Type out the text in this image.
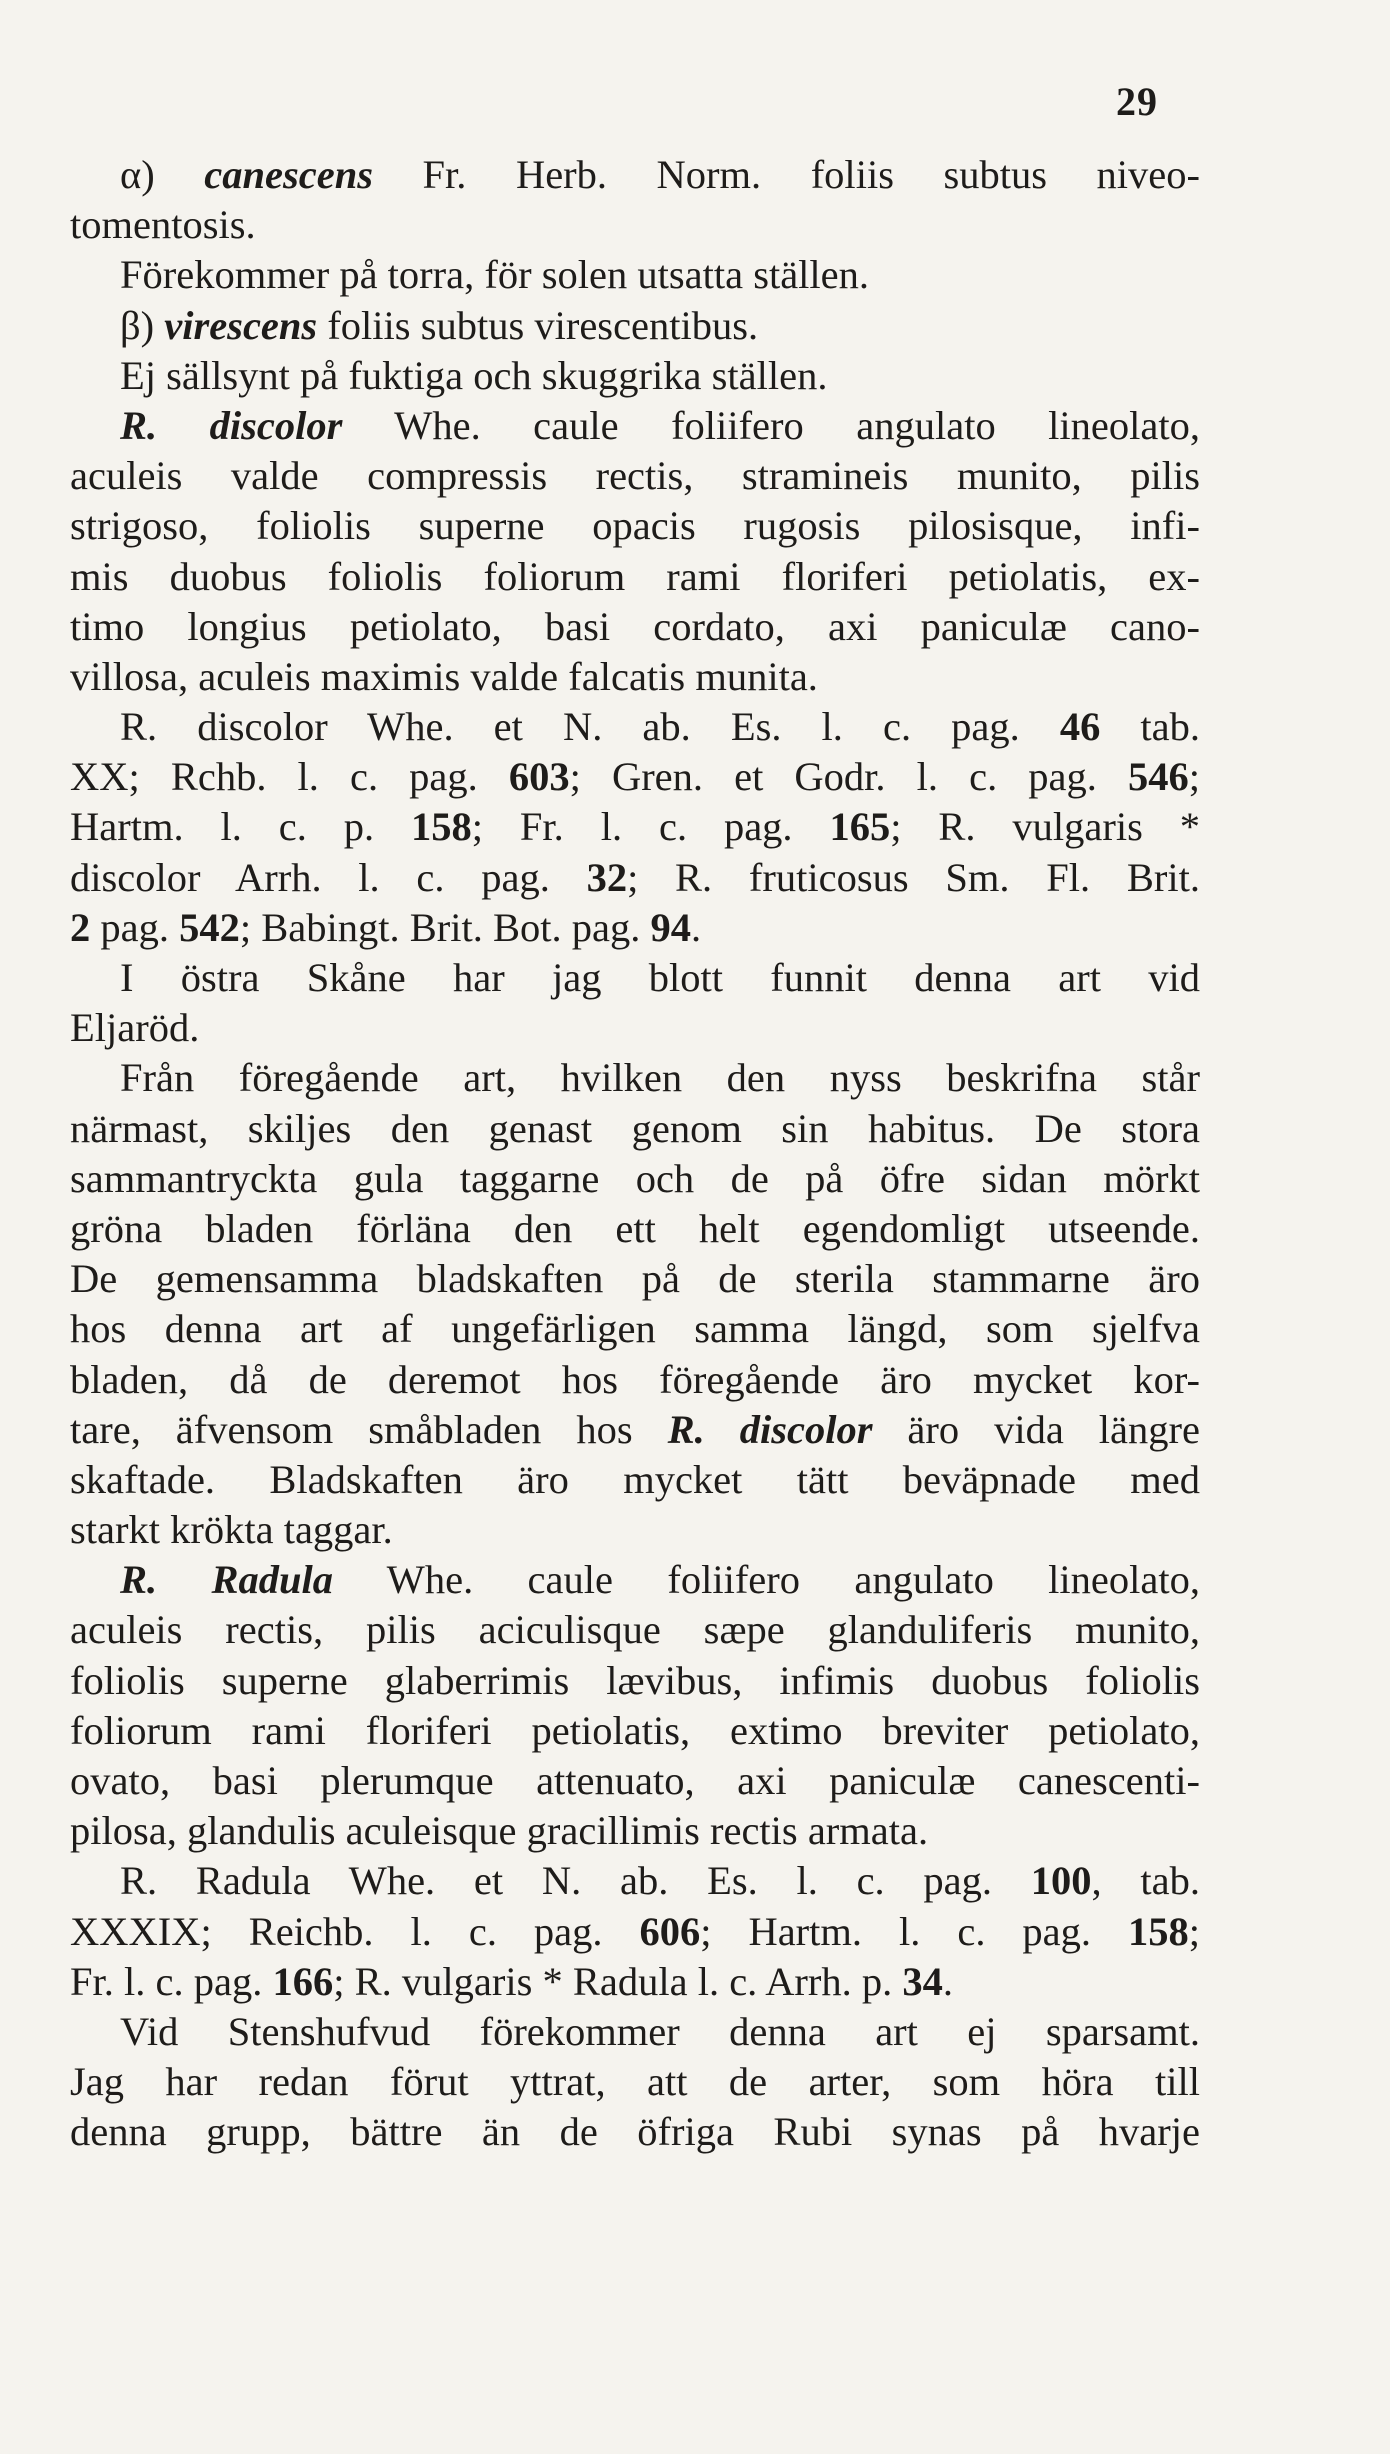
29
α) canescens Fr. Herb. Norm. foliis subtus niveo-
tomentosis.
Förekommer på torra, för solen utsatta ställen.
β) virescens foliis subtus virescentibus.
Ej sällsynt på fuktiga och skuggrika ställen.
R. discolor Whe. caule foliifero angulato lineolato,
aculeis valde compressis rectis, stramineis munito, pilis
strigoso, foliolis superne opacis rugosis pilosisque, infi-
mis duobus foliolis foliorum rami floriferi petiolatis, ex-
timo longius petiolato, basi cordato, axi paniculæ cano-
villosa, aculeis maximis valde falcatis munita.
R. discolor Whe. et N. ab. Es. l. c. pag. 46 tab.
XX; Rchb. l. c. pag. 603; Gren. et Godr. l. c. pag. 546;
Hartm. l. c. p. 158; Fr. l. c. pag. 165; R. vulgaris *
discolor Arrh. l. c. pag. 32; R. fruticosus Sm. Fl. Brit.
2 pag. 542; Babingt. Brit. Bot. pag. 94.
I östra Skåne har jag blott funnit denna art vid
Eljaröd.
Från föregående art, hvilken den nyss beskrifna står
närmast, skiljes den genast genom sin habitus. De stora
sammantryckta gula taggarne och de på öfre sidan mörkt
gröna bladen förläna den ett helt egendomligt utseende.
De gemensamma bladskaften på de sterila stammarne äro
hos denna art af ungefärligen samma längd, som sjelfva
bladen, då de deremot hos föregående äro mycket kor-
tare, äfvensom småbladen hos R. discolor äro vida längre
skaftade. Bladskaften äro mycket tätt beväpnade med
starkt krökta taggar.
R. Radula Whe. caule foliifero angulato lineolato,
aculeis rectis, pilis aciculisque sæpe glanduliferis munito,
foliolis superne glaberrimis lævibus, infimis duobus foliolis
foliorum rami floriferi petiolatis, extimo breviter petiolato,
ovato, basi plerumque attenuato, axi paniculæ canescenti-
pilosa, glandulis aculeisque gracillimis rectis armata.
R. Radula Whe. et N. ab. Es. l. c. pag. 100, tab.
XXXIX; Reichb. l. c. pag. 606; Hartm. l. c. pag. 158;
Fr. l. c. pag. 166; R. vulgaris * Radula l. c. Arrh. p. 34.
Vid Stenshufvud förekommer denna art ej sparsamt.
Jag har redan förut yttrat, att de arter, som höra till
denna grupp, bättre än de öfriga Rubi synas på hvarje
